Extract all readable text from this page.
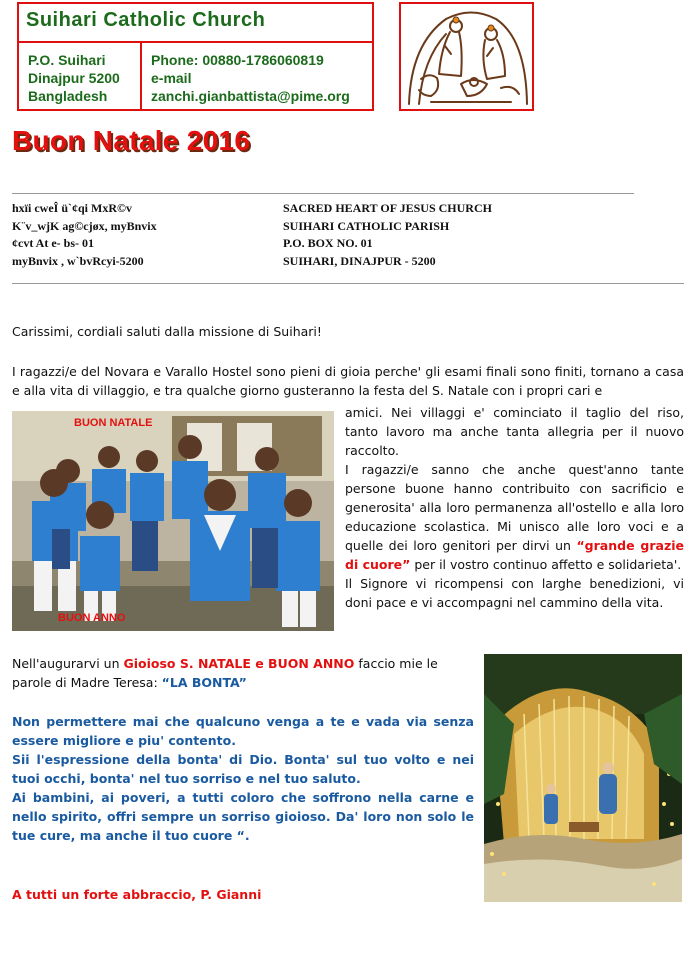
Suihari Catholic Church
P.O. Suihari
Dinajpur 5200
Bangladesh
Phone: 00880-1786060819
e-mail
zanchi.gianbattista@pime.org
Buon Natale 2016
hxïi cweÎ ü`¢qi MxR©v
K¨v_wjK ag©cjøx, myBnvix
¢cvt At e- bs- 01
myBnvix , w`bvRcyi-5200
SACRED HEART OF JESUS CHURCH
SUIHARI CATHOLIC PARISH
P.O. BOX NO. 01
SUIHARI, DINAJPUR - 5200
Carissimi, cordiali saluti dalla missione di Suihari!
I ragazzi/e del Novara e Varallo Hostel sono pieni di gioia perche' gli esami finali sono finiti, tornano a casa e alla vita di villaggio, e tra qualche giorno gusteranno la festa del S. Natale con i propri cari e
amici. Nei villaggi e' cominciato il taglio del riso, tanto lavoro ma anche tanta allegria per il nuovo raccolto.
I ragazzi/e sanno che anche quest'anno tante persone buone hanno contribuito con sacrificio e generosita' alla loro permanenza all'ostello e alla loro educazione scolastica. Mi unisco alle loro voci e a quelle dei loro genitori per dirvi un “grande grazie di cuore” per il vostro continuo affetto e solidarieta'.
Il Signore vi ricompensi con larghe benedizioni, vi doni pace e vi accompagni nel cammino della vita.
BUON NATALE
BUON ANNO
Nell'augurarvi un Gioioso S. NATALE e BUON ANNO faccio mie le parole di Madre Teresa: “LA BONTA”
Non permettere mai che qualcuno venga a te e vada via senza essere migliore e piu' contento.
Sii l'espressione della bonta' di Dio. Bonta' sul tuo volto e nei tuoi occhi, bonta' nel tuo sorriso e nel tuo saluto.
Ai bambini, ai poveri, a tutti coloro che soffrono nella carne e nello spirito, offri sempre un sorriso gioioso. Da' loro non solo le tue cure, ma anche il tuo cuore “.
A tutti un forte abbraccio, P. Gianni
